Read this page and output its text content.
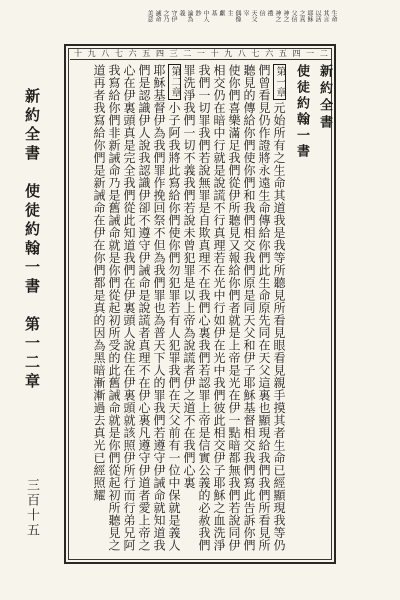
生命
其言
以活
耶穌
之真
父信
神之
神之
禮
信
天父
宰
偶像
主
獻
基
中人
鈔
論為
義
守伊
之乃
誡命
美意
二
一
四
五
六
七
八
九
十
一
二
三
四
五
六
七
八
九
十

新約全書

使徒約翰一書

第一章元始所有之生命其道我是我等所聽見所看見眼看見親手摸其者生命已經顯現我等仍們曾看見仍作證將永遠生命傳給你們此生命原先同在天父這裏也顯現給我們我們所看見所聽見的傳給你們使你們和我們相交我們原是同天父和伊子耶穌基督相交我們寫此告訴你們使你們喜樂滿足我們從伊所聽見又報給你們者就是上帝是光在伊一點暗都無我們若說同伊相交仍在暗中行就是說謊不行真理若在光中行如伊在光中我們彼此相交伊子耶穌之血洗淨我們一切罪我們若說無罪是自欺真理不在我們心裏我們若認罪上帝是信實公義的必赦我們罪洗淨我們一切不義我們若說未曾犯罪是以上帝為說謊者伊之道不在我們心裏

第二章小子阿我將此寫給你們使你們勿犯罪若有人犯罪我們在天父前有一位中保就是義人耶穌基督伊為我們罪作挽回祭不但為我們罪也為普天下人的罪我們若遵守伊誡命就知道我們是認識伊人說我認識伊卻不遵守伊誡命是說謊者真理不在伊心裏凡遵守伊道者愛上帝之心在伊裏頭真是完全我們從此知道我們在伊裏頭人說住在伊裏頭就該照伊所行而行弟兄阿我寫給你們非新誡命乃是舊誡命就是你們從起初所受的此舊誡命就是你們從起初所聽見之道再者我寫給你們是新誡命在伊在你們都是真的因為黑暗漸漸過去真光已經照耀

新約全書　使徒約翰一書　第一二章
三百十五
